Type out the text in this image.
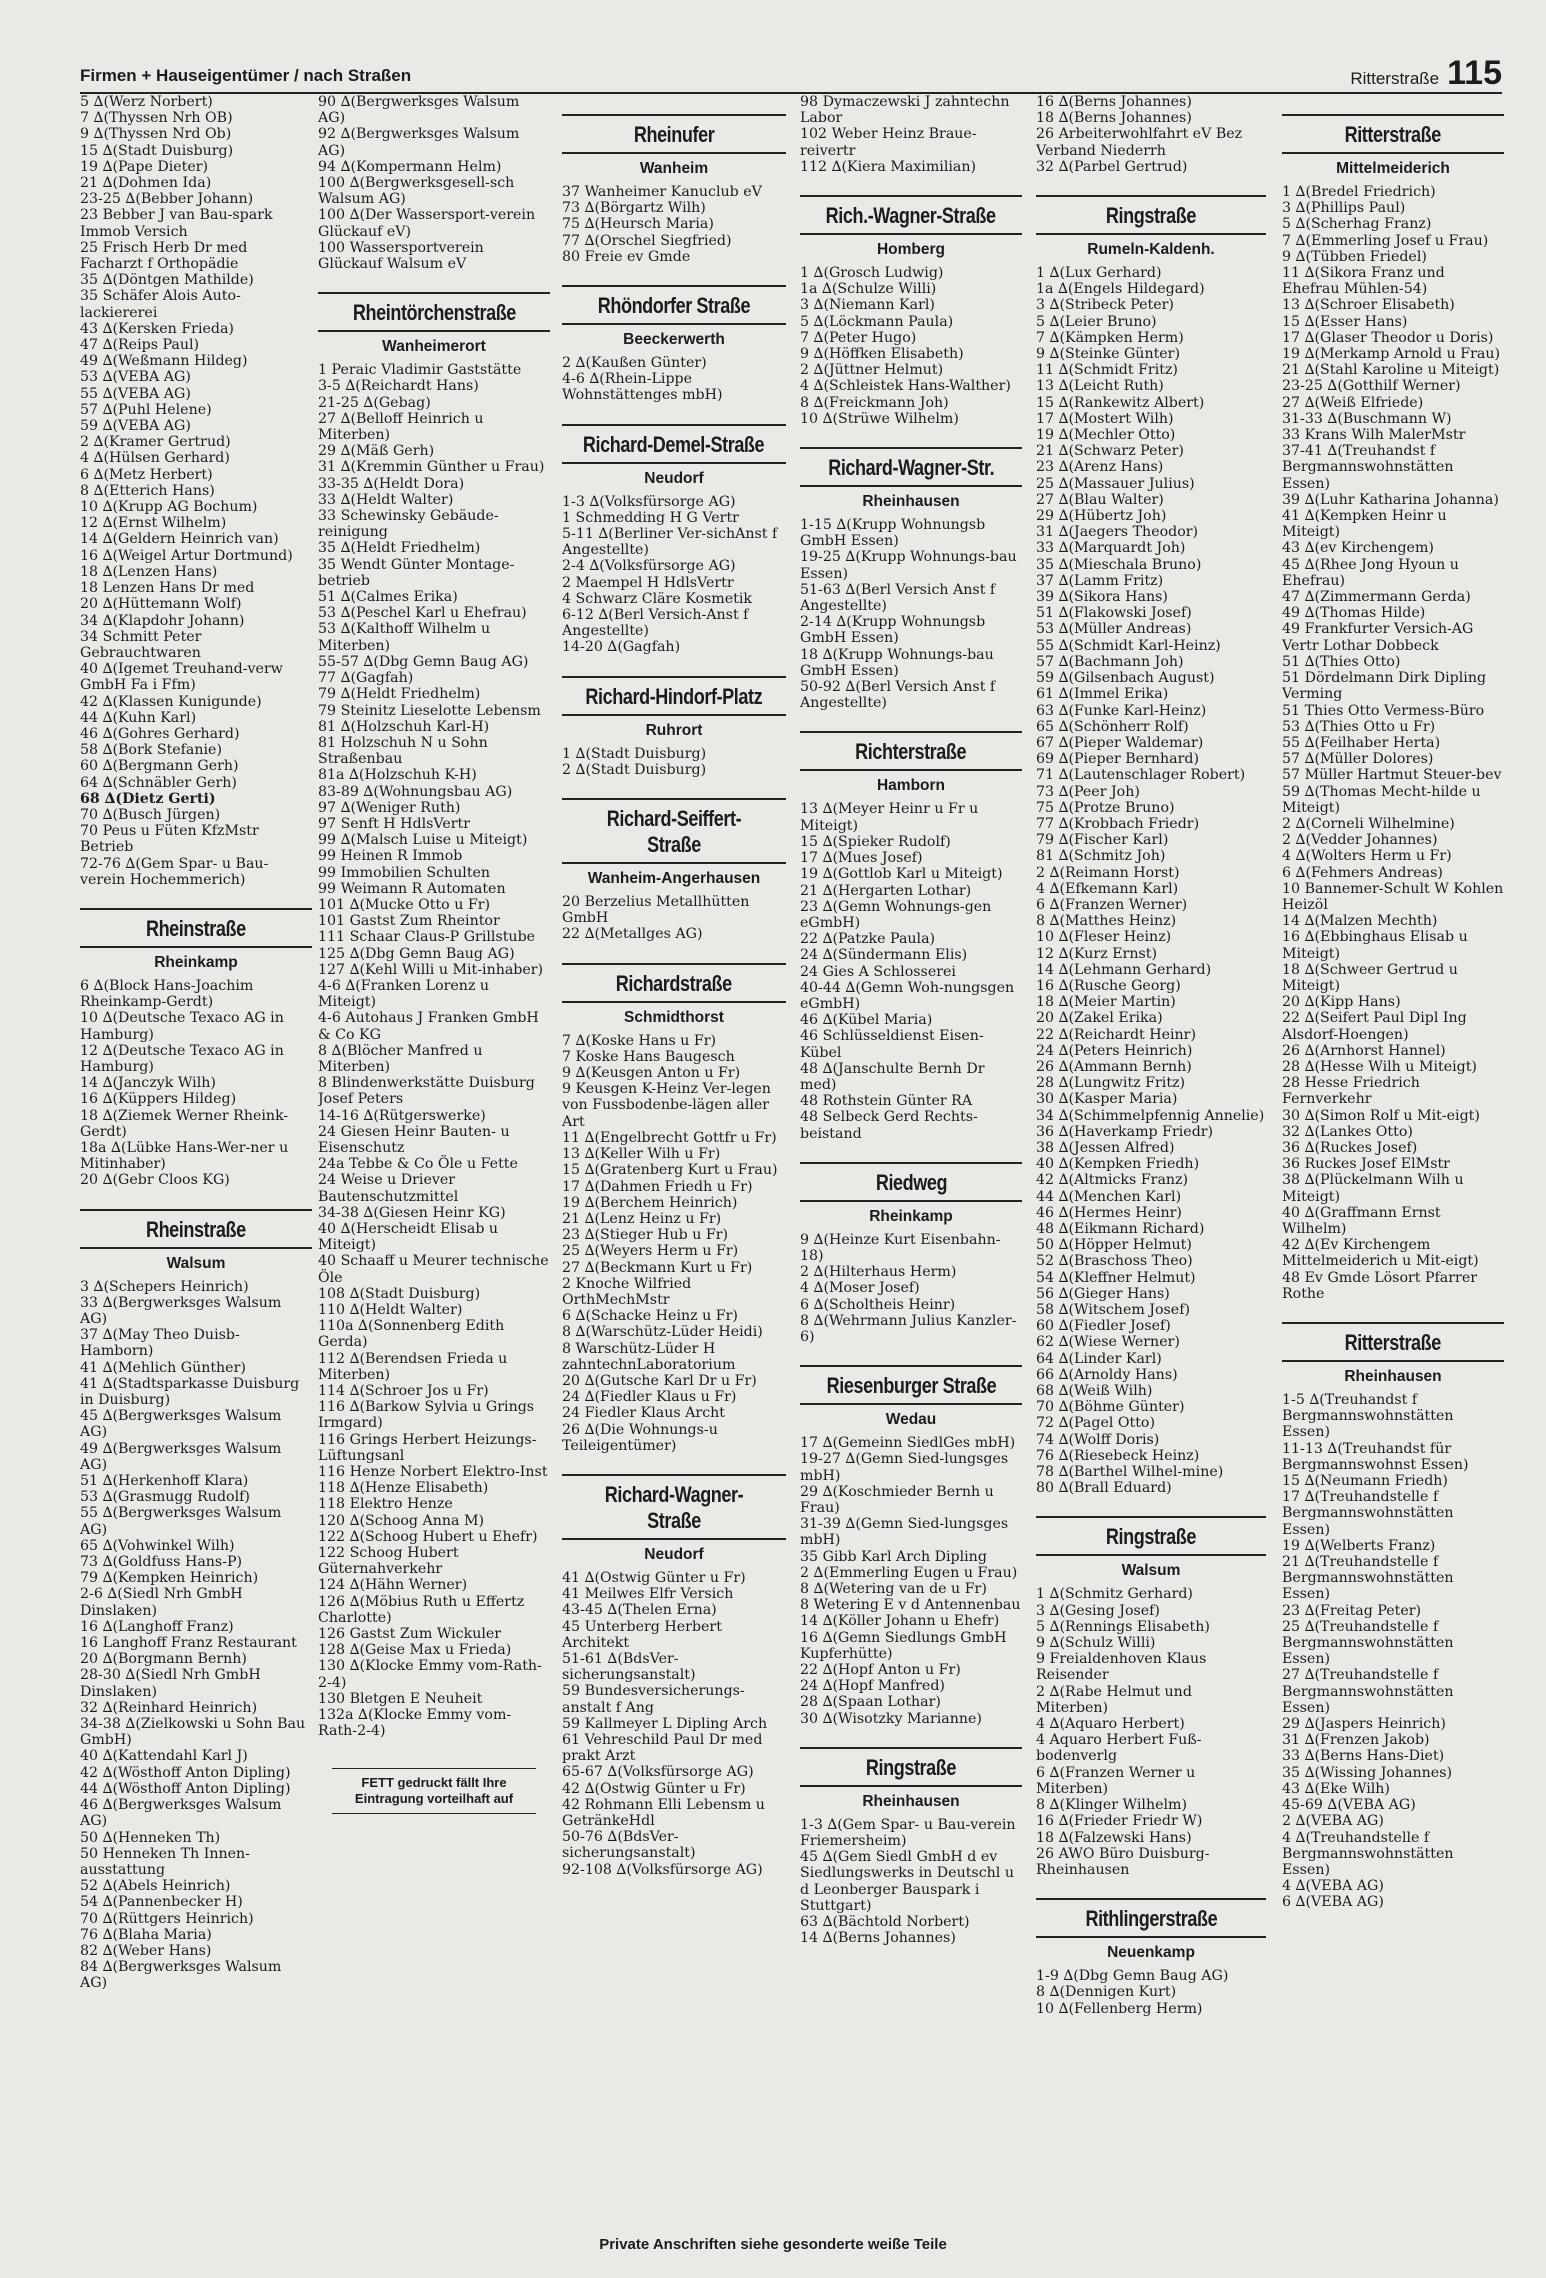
Firmen + Hauseigentümer / nach Straßen	Ritterstraße 115

5 ∆(Werz Norbert)

7 ∆(Thyssen Nrh OB)

9 ∆(Thyssen Nrd Ob)

15 ∆(Stadt Duisburg)

19 ∆(Pape Dieter)

21 ∆(Dohmen Ida)

23-25 ∆(Bebber Johann)

23 Bebber J van Bau-spark Immob Versich

25 Frisch Herb Dr med Facharzt f Orthopädie

35 ∆(Döntgen Mathilde)

35 Schäfer Alois Auto-lackiererei

43 ∆(Kersken Frieda)

47 ∆(Reips Paul)

49 ∆(Weßmann Hildeg)

53 ∆(VEBA AG)

55 ∆(VEBA AG)

57 ∆(Puhl Helene)

59 ∆(VEBA AG)

2 ∆(Kramer Gertrud)

4 ∆(Hülsen Gerhard)

6 ∆(Metz Herbert)

8 ∆(Etterich Hans)

10 ∆(Krupp AG Bochum)

12 ∆(Ernst Wilhelm)

14 ∆(Geldern Heinrich van)

16 ∆(Weigel Artur Dortmund)

18 ∆(Lenzen Hans)

18 Lenzen Hans Dr med

20 ∆(Hüttemann Wolf)

34 ∆(Klapdohr Johann)

34 Schmitt Peter Gebrauchtwaren

40 ∆(Igemet Treuhand-verw GmbH Fa i Ffm)

42 ∆(Klassen Kunigunde)

44 ∆(Kuhn Karl)

46 ∆(Gohres Gerhard)

58 ∆(Bork Stefanie)

60 ∆(Bergmann Gerh)

64 ∆(Schnäbler Gerh)

68 ∆(Dietz Gerti)

70 ∆(Busch Jürgen)

70 Peus u Füten KfzMstr Betrieb

72-76 ∆(Gem Spar- u Bau-verein Hochemmerich)

Rheinstraße
Rheinkamp

6 ∆(Block Hans-Joachim Rheinkamp-Gerdt)

10 ∆(Deutsche Texaco AG in Hamburg)

12 ∆(Deutsche Texaco AG in Hamburg)

14 ∆(Janczyk Wilh)

16 ∆(Küppers Hildeg)

18 ∆(Ziemek Werner Rheink-Gerdt)

18a ∆(Lübke Hans-Wer-ner u Mitinhaber)

20 ∆(Gebr Cloos KG)

Rheinstraße
Walsum

3 ∆(Schepers Heinrich)

33 ∆(Bergwerksges Walsum AG)

37 ∆(May Theo Duisb-Hamborn)

41 ∆(Mehlich Günther)

41 ∆(Stadtsparkasse Duisburg in Duisburg)

45 ∆(Bergwerksges Walsum AG)

49 ∆(Bergwerksges Walsum AG)

51 ∆(Herkenhoff Klara)

53 ∆(Grasmugg Rudolf)

55 ∆(Bergwerksges Walsum AG)

65 ∆(Vohwinkel Wilh)

73 ∆(Goldfuss Hans-P)

79 ∆(Kempken Heinrich)

2-6 ∆(Siedl Nrh GmbH Dinslaken)

16 ∆(Langhoff Franz)

16 Langhoff Franz Restaurant

20 ∆(Borgmann Bernh)

28-30 ∆(Siedl Nrh GmbH Dinslaken)

32 ∆(Reinhard Heinrich)

34-38 ∆(Zielkowski u Sohn Bau GmbH)

40 ∆(Kattendahl Karl J)

42 ∆(Wösthoff Anton Dipling)

44 ∆(Wösthoff Anton Dipling)

46 ∆(Bergwerksges Walsum AG)

50 ∆(Henneken Th)

50 Henneken Th Innen-ausstattung

52 ∆(Abels Heinrich)

54 ∆(Pannenbecker H)

70 ∆(Rüttgers Heinrich)

76 ∆(Blaha Maria)

82 ∆(Weber Hans)

84 ∆(Bergwerksges Walsum AG)

90 ∆(Bergwerksges Walsum AG)

92 ∆(Bergwerksges Walsum AG)

94 ∆(Kompermann Helm)

100 ∆(Bergwerksgesell-sch Walsum AG)

100 ∆(Der Wassersport-verein Glückauf eV)

100 Wassersportverein Glückauf Walsum eV

Rheintörchenstraße
Wanheimerort

1 Peraic Vladimir Gaststätte

3-5 ∆(Reichardt Hans)

21-25 ∆(Gebag)

27 ∆(Belloff Heinrich u Miterben)

29 ∆(Mäß Gerh)

31 ∆(Kremmin Günther u Frau)

33-35 ∆(Heldt Dora)

33 ∆(Heldt Walter)

33 Schewinsky Gebäude-reinigung

35 ∆(Heldt Friedhelm)

35 Wendt Günter Montage-betrieb

51 ∆(Calmes Erika)

53 ∆(Peschel Karl u Ehefrau)

53 ∆(Kalthoff Wilhelm u Miterben)

55-57 ∆(Dbg Gemn Baug AG)

77 ∆(Gagfah)

79 ∆(Heldt Friedhelm)

79 Steinitz Lieselotte Lebensm

81 ∆(Holzschuh Karl-H)

81 Holzschuh N u Sohn Straßenbau

81a ∆(Holzschuh K-H)

83-89 ∆(Wohnungsbau AG)

97 ∆(Weniger Ruth)

97 Senft H HdlsVertr

99 ∆(Malsch Luise u Miteigt)

99 Heinen R Immob

99 Immobilien Schulten

99 Weimann R Automaten

101 ∆(Mucke Otto u Fr)

101 Gastst Zum Rheintor

111 Schaar Claus-P Grillstube

125 ∆(Dbg Gemn Baug AG)

127 ∆(Kehl Willi u Mit-inhaber)

4-6 ∆(Franken Lorenz u Miteigt)

4-6 Autohaus J Franken GmbH & Co KG

8 ∆(Blöcher Manfred u Miterben)

8 Blindenwerkstätte Duisburg Josef Peters

14-16 ∆(Rütgerswerke)

24 Giesen Heinr Bauten- u Eisenschutz

24a Tebbe & Co Öle u Fette

24 Weise u Driever Bautenschutzmittel

34-38 ∆(Giesen Heinr KG)

40 ∆(Herscheidt Elisab u Miteigt)

40 Schaaff u Meurer technische Öle

108 ∆(Stadt Duisburg)

110 ∆(Heldt Walter)

110a ∆(Sonnenberg Edith Gerda)

112 ∆(Berendsen Frieda u Miterben)

114 ∆(Schroer Jos u Fr)

116 ∆(Barkow Sylvia u Grings Irmgard)

116 Grings Herbert Heizungs-Lüftungsanl

116 Henze Norbert Elektro-Inst

118 ∆(Henze Elisabeth)

118 Elektro Henze

120 ∆(Schoog Anna M)

122 ∆(Schoog Hubert u Ehefr)

122 Schoog Hubert Güternahverkehr

124 ∆(Hähn Werner)

126 ∆(Möbius Ruth u Effertz Charlotte)

126 Gastst Zum Wickuler

128 ∆(Geise Max u Frieda)

130 ∆(Klocke Emmy vom-Rath-2-4)

130 Bletgen E Neuheit

132a ∆(Klocke Emmy vom-Rath-2-4)

FETT gedruckt fällt Ihre Eintragung vorteilhaft auf
Rheinufer
Wanheim

37 Wanheimer Kanuclub eV

73 ∆(Börgartz Wilh)

75 ∆(Heursch Maria)

77 ∆(Orschel Siegfried)

80 Freie ev Gmde

Rhöndorfer Straße
Beeckerwerth

2 ∆(Kaußen Günter)

4-6 ∆(Rhein-Lippe Wohnstättenges mbH)

Richard-Demel-Straße
Neudorf

1-3 ∆(Volksfürsorge AG)

1 Schmedding H G Vertr

5-11 ∆(Berliner Ver-sichAnst f Angestellte)

2-4 ∆(Volksfürsorge AG)

2 Maempel H HdlsVertr

4 Schwarz Cläre Kosmetik

6-12 ∆(Berl Versich-Anst f Angestellte)

14-20 ∆(Gagfah)

Richard-Hindorf-Platz
Ruhrort

1 ∆(Stadt Duisburg)

2 ∆(Stadt Duisburg)

Richard-Seiffert-Straße
Wanheim-Angerhausen

20 Berzelius Metallhütten GmbH

22 ∆(Metallges AG)

Richardstraße
Schmidthorst

7 ∆(Koske Hans u Fr)

7 Koske Hans Baugesch

9 ∆(Keusgen Anton u Fr)

9 Keusgen K-Heinz Ver-legen von Fussbodenbe-lägen aller Art

11 ∆(Engelbrecht Gottfr u Fr)

13 ∆(Keller Wilh u Fr)

15 ∆(Gratenberg Kurt u Frau)

17 ∆(Dahmen Friedh u Fr)

19 ∆(Berchem Heinrich)

21 ∆(Lenz Heinz u Fr)

23 ∆(Stieger Hub u Fr)

25 ∆(Weyers Herm u Fr)

27 ∆(Beckmann Kurt u Fr)

2 Knoche Wilfried OrthMechMstr

6 ∆(Schacke Heinz u Fr)

8 ∆(Warschütz-Lüder Heidi)

8 Warschütz-Lüder H zahntechnLaboratorium

20 ∆(Gutsche Karl Dr u Fr)

24 ∆(Fiedler Klaus u Fr)

24 Fiedler Klaus Archt

26 ∆(Die Wohnungs-u Teileigentümer)

Richard-Wagner-Straße
Neudorf

41 ∆(Ostwig Günter u Fr)

41 Meilwes Elfr Versich

43-45 ∆(Thelen Erna)

45 Unterberg Herbert Architekt

51-61 ∆(BdsVer-sicherungsanstalt)

59 Bundesversicherungs-anstalt f Ang

59 Kallmeyer L Dipling Arch

61 Vehreschild Paul Dr med prakt Arzt

65-67 ∆(Volksfürsorge AG)

42 ∆(Ostwig Günter u Fr)

42 Rohmann Elli Lebensm u GetränkeHdl

50-76 ∆(BdsVer-sicherungsanstalt)

92-108 ∆(Volksfürsorge AG)

98 Dymaczewski J zahntechn Labor

102 Weber Heinz Braue-reivertr

112 ∆(Kiera Maximilian)

Rich.-Wagner-Straße
Homberg

1 ∆(Grosch Ludwig)

1a ∆(Schulze Willi)

3 ∆(Niemann Karl)

5 ∆(Löckmann Paula)

7 ∆(Peter Hugo)

9 ∆(Höffken Elisabeth)

2 ∆(Jüttner Helmut)

4 ∆(Schleistek Hans-Walther)

8 ∆(Freickmann Joh)

10 ∆(Strüwe Wilhelm)

Richard-Wagner-Str.
Rheinhausen

1-15 ∆(Krupp Wohnungsb GmbH Essen)

19-25 ∆(Krupp Wohnungs-bau Essen)

51-63 ∆(Berl Versich Anst f Angestellte)

2-14 ∆(Krupp Wohnungsb GmbH Essen)

18 ∆(Krupp Wohnungs-bau GmbH Essen)

50-92 ∆(Berl Versich Anst f Angestellte)

Richterstraße
Hamborn

13 ∆(Meyer Heinr u Fr u Miteigt)

15 ∆(Spieker Rudolf)

17 ∆(Mues Josef)

19 ∆(Gottlob Karl u Miteigt)

21 ∆(Hergarten Lothar)

23 ∆(Gemn Wohnungs-gen eGmbH)

22 ∆(Patzke Paula)

24 ∆(Sündermann Elis)

24 Gies A Schlosserei

40-44 ∆(Gemn Woh-nungsgen eGmbH)

46 ∆(Kübel Maria)

46 Schlüsseldienst Eisen-Kübel

48 ∆(Janschulte Bernh Dr med)

48 Rothstein Günter RA

48 Selbeck Gerd Rechts-beistand

Riedweg
Rheinkamp

9 ∆(Heinze Kurt Eisenbahn-18)

2 ∆(Hilterhaus Herm)

4 ∆(Moser Josef)

6 ∆(Scholtheis Heinr)

8 ∆(Wehrmann Julius Kanzler-6)

Riesenburger Straße
Wedau

17 ∆(Gemeinn SiedlGes mbH)

19-27 ∆(Gemn Sied-lungsges mbH)

29 ∆(Koschmieder Bernh u Frau)

31-39 ∆(Gemn Sied-lungsges mbH)

35 Gibb Karl Arch Dipling

2 ∆(Emmerling Eugen u Frau)

8 ∆(Wetering van de u Fr)

8 Wetering E v d Antennenbau

14 ∆(Köller Johann u Ehefr)

16 ∆(Gemn Siedlungs GmbH Kupferhütte)

22 ∆(Hopf Anton u Fr)

24 ∆(Hopf Manfred)

28 ∆(Spaan Lothar)

30 ∆(Wisotzky Marianne)

Ringstraße
Rheinhausen

1-3 ∆(Gem Spar- u Bau-verein Friemersheim)

45 ∆(Gem Siedl GmbH d ev Siedlungswerks in Deutschl u d Leonberger Bauspark i Stuttgart)

63 ∆(Bächtold Norbert)

14 ∆(Berns Johannes)

16 ∆(Berns Johannes)

18 ∆(Berns Johannes)

26 Arbeiterwohlfahrt eV Bez Verband Niederrh

32 ∆(Parbel Gertrud)

Ringstraße
Rumeln-Kaldenh.

1 ∆(Lux Gerhard)

1a ∆(Engels Hildegard)

3 ∆(Stribeck Peter)

5 ∆(Leier Bruno)

7 ∆(Kämpken Herm)

9 ∆(Steinke Günter)

11 ∆(Schmidt Fritz)

13 ∆(Leicht Ruth)

15 ∆(Rankewitz Albert)

17 ∆(Mostert Wilh)

19 ∆(Mechler Otto)

21 ∆(Schwarz Peter)

23 ∆(Arenz Hans)

25 ∆(Massauer Julius)

27 ∆(Blau Walter)

29 ∆(Hübertz Joh)

31 ∆(Jaegers Theodor)

33 ∆(Marquardt Joh)

35 ∆(Mieschala Bruno)

37 ∆(Lamm Fritz)

39 ∆(Sikora Hans)

51 ∆(Flakowski Josef)

53 ∆(Müller Andreas)

55 ∆(Schmidt Karl-Heinz)

57 ∆(Bachmann Joh)

59 ∆(Gilsenbach August)

61 ∆(Immel Erika)

63 ∆(Funke Karl-Heinz)

65 ∆(Schönherr Rolf)

67 ∆(Pieper Waldemar)

69 ∆(Pieper Bernhard)

71 ∆(Lautenschlager Robert)

73 ∆(Peer Joh)

75 ∆(Protze Bruno)

77 ∆(Krobbach Friedr)

79 ∆(Fischer Karl)

81 ∆(Schmitz Joh)

2 ∆(Reimann Horst)

4 ∆(Efkemann Karl)

6 ∆(Franzen Werner)

8 ∆(Matthes Heinz)

10 ∆(Fleser Heinz)

12 ∆(Kurz Ernst)

14 ∆(Lehmann Gerhard)

16 ∆(Rusche Georg)

18 ∆(Meier Martin)

20 ∆(Zakel Erika)

22 ∆(Reichardt Heinr)

24 ∆(Peters Heinrich)

26 ∆(Ammann Bernh)

28 ∆(Lungwitz Fritz)

30 ∆(Kasper Maria)

34 ∆(Schimmelpfennig Annelie)

36 ∆(Haverkamp Friedr)

38 ∆(Jessen Alfred)

40 ∆(Kempken Friedh)

42 ∆(Altmicks Franz)

44 ∆(Menchen Karl)

46 ∆(Hermes Heinr)

48 ∆(Eikmann Richard)

50 ∆(Höpper Helmut)

52 ∆(Braschoss Theo)

54 ∆(Kleffner Helmut)

56 ∆(Gieger Hans)

58 ∆(Witschem Josef)

60 ∆(Fiedler Josef)

62 ∆(Wiese Werner)

64 ∆(Linder Karl)

66 ∆(Arnoldy Hans)

68 ∆(Weiß Wilh)

70 ∆(Böhme Günter)

72 ∆(Pagel Otto)

74 ∆(Wolff Doris)

76 ∆(Riesebeck Heinz)

78 ∆(Barthel Wilhel-mine)

80 ∆(Brall Eduard)

Ringstraße
Walsum

1 ∆(Schmitz Gerhard)

3 ∆(Gesing Josef)

5 ∆(Rennings Elisabeth)

9 ∆(Schulz Willi)

9 Freialdenhoven Klaus Reisender

2 ∆(Rabe Helmut und Miterben)

4 ∆(Aquaro Herbert)

4 Aquaro Herbert Fuß-bodenverlg

6 ∆(Franzen Werner u Miterben)

8 ∆(Klinger Wilhelm)

16 ∆(Frieder Friedr W)

18 ∆(Falzewski Hans)

26 AWO Büro Duisburg-Rheinhausen

Rithlingerstraße
Neuenkamp

1-9 ∆(Dbg Gemn Baug AG)

8 ∆(Dennigen Kurt)

10 ∆(Fellenberg Herm)

Ritterstraße
Mittelmeiderich

1 ∆(Bredel Friedrich)

3 ∆(Phillips Paul)

5 ∆(Scherhag Franz)

7 ∆(Emmerling Josef u Frau)

9 ∆(Tübben Friedel)

11 ∆(Sikora Franz und Ehefrau Mühlen-54)

13 ∆(Schroer Elisabeth)

15 ∆(Esser Hans)

17 ∆(Glaser Theodor u Doris)

19 ∆(Merkamp Arnold u Frau)

21 ∆(Stahl Karoline u Miteigt)

23-25 ∆(Gotthilf Werner)

27 ∆(Weiß Elfriede)

31-33 ∆(Buschmann W)

33 Krans Wilh MalerMstr

37-41 ∆(Treuhandst f Bergmannswohnstätten Essen)

39 ∆(Luhr Katharina Johanna)

41 ∆(Kempken Heinr u Miteigt)

43 ∆(ev Kirchengem)

45 ∆(Rhee Jong Hyoun u Ehefrau)

47 ∆(Zimmermann Gerda)

49 ∆(Thomas Hilde)

49 Frankfurter Versich-AG Vertr Lothar Dobbeck

51 ∆(Thies Otto)

51 Dördelmann Dirk Dipling Verming

51 Thies Otto Vermess-Büro

53 ∆(Thies Otto u Fr)

55 ∆(Feilhaber Herta)

57 ∆(Müller Dolores)

57 Müller Hartmut Steuer-bev

59 ∆(Thomas Mecht-hilde u Miteigt)

2 ∆(Corneli Wilhelmine)

2 ∆(Vedder Johannes)

4 ∆(Wolters Herm u Fr)

6 ∆(Fehmers Andreas)

10 Bannemer-Schult W Kohlen Heizöl

14 ∆(Malzen Mechth)

16 ∆(Ebbinghaus Elisab u Miteigt)

18 ∆(Schweer Gertrud u Miteigt)

20 ∆(Kipp Hans)

22 ∆(Seifert Paul Dipl Ing Alsdorf-Hoengen)

26 ∆(Arnhorst Hannel)

28 ∆(Hesse Wilh u Miteigt)

28 Hesse Friedrich Fernverkehr

30 ∆(Simon Rolf u Mit-eigt)

32 ∆(Lankes Otto)

36 ∆(Ruckes Josef)

36 Ruckes Josef ElMstr

38 ∆(Plückelmann Wilh u Miteigt)

40 ∆(Graffmann Ernst Wilhelm)

42 ∆(Ev Kirchengem Mittelmeiderich u Mit-eigt)

48 Ev Gmde Lösort Pfarrer Rothe

Ritterstraße
Rheinhausen

1-5 ∆(Treuhandst f Bergmannswohnstätten Essen)

11-13 ∆(Treuhandst für Bergmannswohnst Essen)

15 ∆(Neumann Friedh)

17 ∆(Treuhandstelle f Bergmannswohnstätten Essen)

19 ∆(Welberts Franz)

21 ∆(Treuhandstelle f Bergmannswohnstätten Essen)

23 ∆(Freitag Peter)

25 ∆(Treuhandstelle f Bergmannswohnstätten Essen)

27 ∆(Treuhandstelle f Bergmannswohnstätten Essen)

29 ∆(Jaspers Heinrich)

31 ∆(Frenzen Jakob)

33 ∆(Berns Hans-Diet)

35 ∆(Wissing Johannes)

43 ∆(Eke Wilh)

45-69 ∆(VEBA AG)

2 ∆(VEBA AG)

4 ∆(Treuhandstelle f Bergmannswohnstätten Essen)

4 ∆(VEBA AG)

6 ∆(VEBA AG)

Private Anschriften siehe gesonderte weiße Teile
